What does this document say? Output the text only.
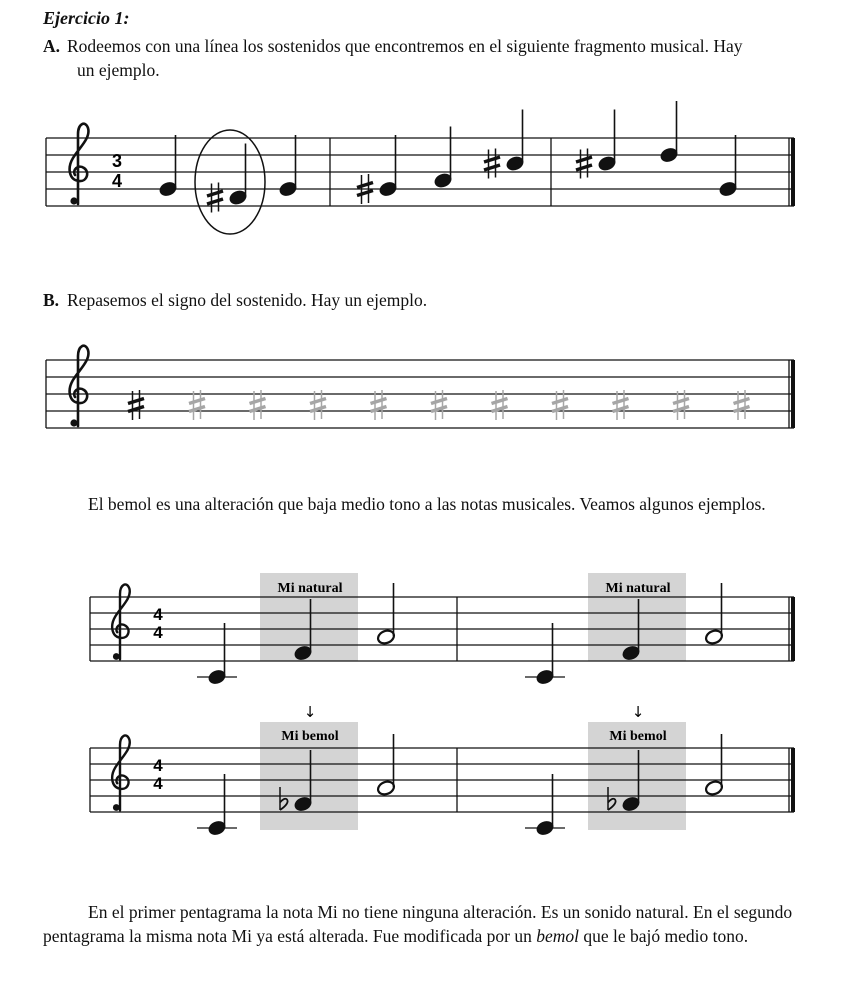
Ejercicio 1:
A. Rodeemos con una línea los sostenidos que encontremos en el siguiente fragmento musical. Hay
un ejemplo.
B. Repasemos el signo del sostenido. Hay un ejemplo.
El bemol es una alteración que baja medio tono a las notas musicales. Veamos algunos ejemplos.
En el primer pentagrama la nota Mi no tiene ninguna alteración. Es un sonido natural. En el segundo pentagrama la misma nota Mi ya está alterada. Fue modificada por un bemol que le bajó medio tono.
3
4
Mi natural	Mi natural
4
4
↓	↓
Mi bemol	Mi bemol
4
4
